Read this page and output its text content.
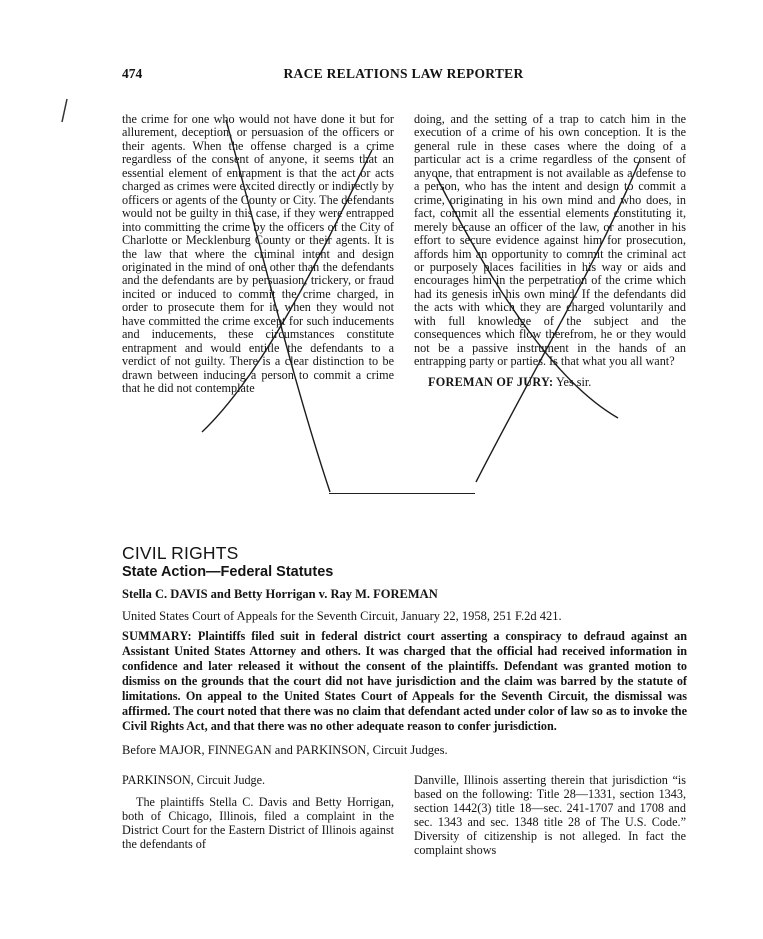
474	RACE RELATIONS LAW REPORTER

the crime for one who would not have done it but for allurement, deception, or persuasion of the officers or their agents. When the offense charged is a crime regardless of the consent of anyone, it seems that an essential element of entrapment is that the act or acts charged as crimes were excited directly or indirectly by officers or agents of the County or City. The defendants would not be guilty in this case, if they were entrapped into committing the crime by the officers of the City of Charlotte or Mecklenburg County or their agents. It is the law that where the criminal intent and design originated in the mind of one other than the defendants and the defendants are by persuasion, trickery, or fraud incited or induced to commit the crime charged, in order to prosecute them for it, when they would not have committed the crime except for such inducements and inducements, these circumstances constitute entrapment and would entitle the defendants to a verdict of not guilty. There is a clear distinction to be drawn between inducing a person to commit a crime that he did not contemplate

doing, and the setting of a trap to catch him in the execution of a crime of his own conception. It is the general rule in these cases where the doing of a particular act is a crime regardless of the consent of anyone, that entrapment is not available as a defense to a person, who has the intent and design to commit a crime, originating in his own mind and who does, in fact, commit all the essential elements constituting it, merely because an officer of the law, or another in his effort to secure evidence against him for prosecution, affords him an opportunity to commit the criminal act or purposely places facilities in his way or aids and encourages him in the perpetration of the crime which had its genesis in his own mind. If the defendants did the acts with which they are charged voluntarily and with full knowledge of the subject and the consequences which flow therefrom, he or they would not be a passive instrument in the hands of an entrapping party or parties. Is that what you all want?

FOREMAN OF JURY: Yes sir.

CIVIL RIGHTS
State Action—Federal Statutes
Stella C. DAVIS and Betty Horrigan v. Ray M. FOREMAN
United States Court of Appeals for the Seventh Circuit, January 22, 1958, 251 F.2d 421.
SUMMARY: Plaintiffs filed suit in federal district court asserting a conspiracy to defraud against an Assistant United States Attorney and others. It was charged that the official had received information in confidence and later released it without the consent of the plaintiffs. Defendant was granted motion to dismiss on the grounds that the court did not have jurisdiction and the claim was barred by the statute of limitations. On appeal to the United States Court of Appeals for the Seventh Circuit, the dismissal was affirmed. The court noted that there was no claim that defendant acted under color of law so as to invoke the Civil Rights Act, and that there was no other adequate reason to confer jurisdiction.
Before MAJOR, FINNEGAN and PARKINSON, Circuit Judges.

PARKINSON, Circuit Judge.

The plaintiffs Stella C. Davis and Betty Horrigan, both of Chicago, Illinois, filed a complaint in the District Court for the Eastern District of Illinois against the defendants of

Danville, Illinois asserting therein that jurisdiction “is based on the following: Title 28—1331, section 1343, section 1442(3) title 18—sec. 241-1707 and 1708 and sec. 1343 and sec. 1348 title 28 of The U.S. Code.” Diversity of citizenship is not alleged. In fact the complaint shows
